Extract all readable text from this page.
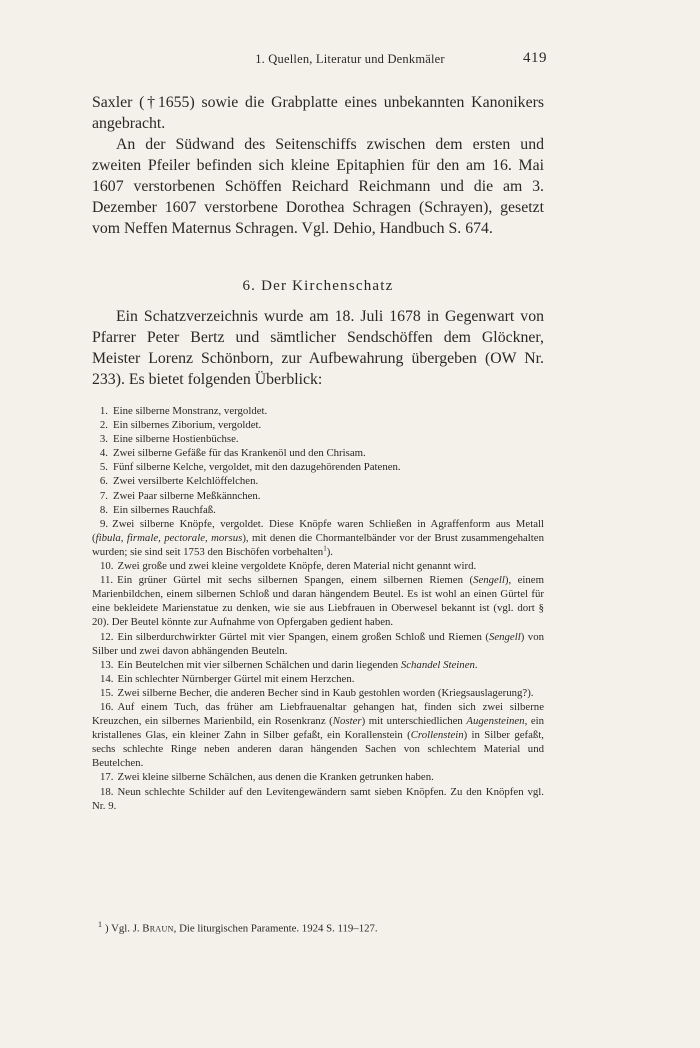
1. Quellen, Literatur und Denkmäler	419

Saxler (†1655) sowie die Grabplatte eines unbekannten Kanonikers angebracht.

An der Südwand des Seitenschiffs zwischen dem ersten und zweiten Pfeiler befinden sich kleine Epitaphien für den am 16. Mai 1607 verstorbenen Schöffen Reichard Reichmann und die am 3. Dezember 1607 verstorbene Dorothea Schragen (Schrayen), gesetzt vom Neffen Maternus Schragen. Vgl. Dehio, Handbuch S. 674.

6. Der Kirchenschatz

Ein Schatzverzeichnis wurde am 18. Juli 1678 in Gegenwart von Pfarrer Peter Bertz und sämtlicher Sendschöffen dem Glöckner, Meister Lorenz Schönborn, zur Aufbewahrung übergeben (OW Nr. 233). Es bietet folgenden Überblick:

1. Eine silberne Monstranz, vergoldet.
2. Ein silbernes Ziborium, vergoldet.
3. Eine silberne Hostienbüchse.
4. Zwei silberne Gefäße für das Krankenöl und den Chrisam.
5. Fünf silberne Kelche, vergoldet, mit den dazugehörenden Patenen.
6. Zwei versilberte Kelchlöffelchen.
7. Zwei Paar silberne Meßkännchen.
8. Ein silbernes Rauchfaß.
9. Zwei silberne Knöpfe, vergoldet. Diese Knöpfe waren Schließen in Agraffenform aus Metall (fibula, firmale, pectorale, morsus), mit denen die Chormantelbänder vor der Brust zusammengehalten wurden; sie sind seit 1753 den Bischöfen vorbehalten$^1$).
10. Zwei große und zwei kleine vergoldete Knöpfe, deren Material nicht genannt wird.
11. Ein grüner Gürtel mit sechs silbernen Spangen, einem silbernen Riemen (Sengell), einem Marienbildchen, einem silbernen Schloß und daran hängendem Beutel. Es ist wohl an einen Gürtel für eine bekleidete Marienstatue zu denken, wie sie aus Liebfrauen in Oberwesel bekannt ist (vgl. dort § 20). Der Beutel könnte zur Aufnahme von Opfergaben gedient haben.
12. Ein silberdurchwirkter Gürtel mit vier Spangen, einem großen Schloß und Riemen (Sengell) von Silber und zwei davon abhängenden Beuteln.
13. Ein Beutelchen mit vier silbernen Schälchen und darin liegenden Schandel Steinen.
14. Ein schlechter Nürnberger Gürtel mit einem Herzchen.
15. Zwei silberne Becher, die anderen Becher sind in Kaub gestohlen worden (Kriegsauslagerung?).
16. Auf einem Tuch, das früher am Liebfrauenaltar gehangen hat, finden sich zwei silberne Kreuzchen, ein silbernes Marienbild, ein Rosenkranz (Noster) mit unterschiedlichen Augensteinen, ein kristallenes Glas, ein kleiner Zahn in Silber gefaßt, ein Korallenstein (Crollenstein) in Silber gefaßt, sechs schlechte Ringe neben anderen daran hängenden Sachen von schlechtem Material und Beutelchen.
17. Zwei kleine silberne Schälchen, aus denen die Kranken getrunken haben.
18. Neun schlechte Schilder auf den Levitengewändern samt sieben Knöpfen. Zu den Knöpfen vgl. Nr. 9.
$^1$ ) Vgl. J. Braun, Die liturgischen Paramente. 1924 S. 119–127.
